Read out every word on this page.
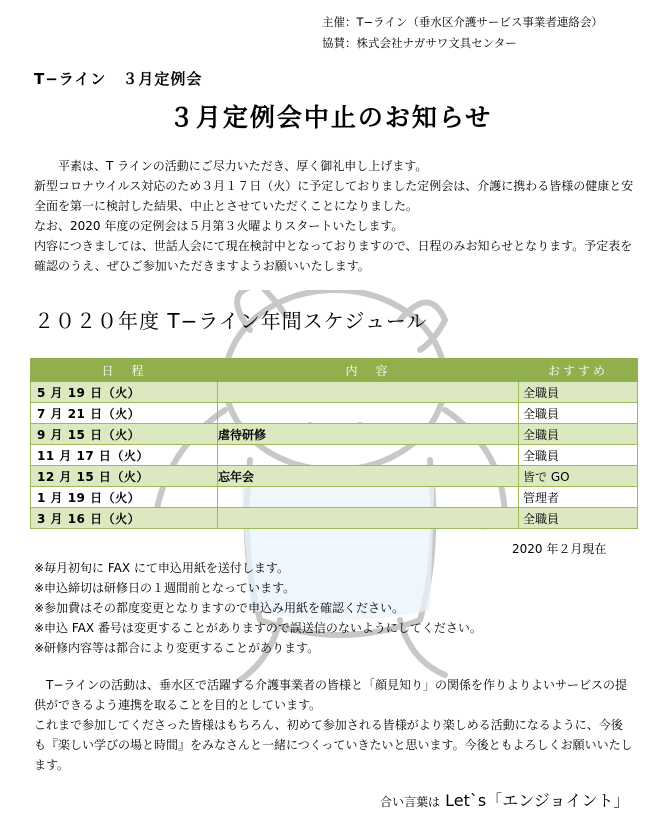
主催：T−ライン（垂水区介護サービス事業者連絡会）
協賛：株式会社ナガサワ文具センター
T−ライン　３月定例会
３月定例会中止のお知らせ

平素は、T ラインの活動にご尽力いただき、厚く御礼申し上げます。

新型コロナウイルス対応のため３月１７日（火）に予定しておりました定例会は、介護に携わる皆様の健康と安全面を第一に検討した結果、中止とさせていただくことになりました。

なお、2020 年度の定例会は５月第３火曜よりスタートいたします。

内容につきましては、世話人会にて現在検討中となっておりますので、日程のみお知らせとなります。予定表を確認のうえ、ぜひご参加いただきますようお願いいたします。

２０２０年度 T−ライン年間スケジュール
日　程	内　容	おすすめ
5 月 19 日（火）		全職員
7 月 21 日（火）		全職員
9 月 15 日（火）	虐待研修	全職員
11 月 17 日（火）		全職員
12 月 15 日（火）	忘年会	皆で GO
1 月 19 日（火）		管理者
3 月 16 日（火）		全職員
2020 年２月現在
※毎月初旬に FAX にて申込用紙を送付します。
※申込締切は研修日の１週間前となっています。
※参加費はその都度変更となりますので申込み用紙を確認ください。
※申込 FAX 番号は変更することがありますので誤送信のないようにしてください。
※研修内容等は都合により変更することがあります。

T−ラインの活動は、垂水区で活躍する介護事業者の皆様と「顔見知り」の関係を作りよりよいサービスの提供ができるよう連携を取ることを目的としています。

これまで参加してくださった皆様はもちろん、初めて参加される皆様がより楽しめる活動になるように、今後も『楽しい学びの場と時間』をみなさんと一緒につくっていきたいと思います。今後ともよろしくお願いいたします。

合い言葉は Let`s「エンジョイント」
